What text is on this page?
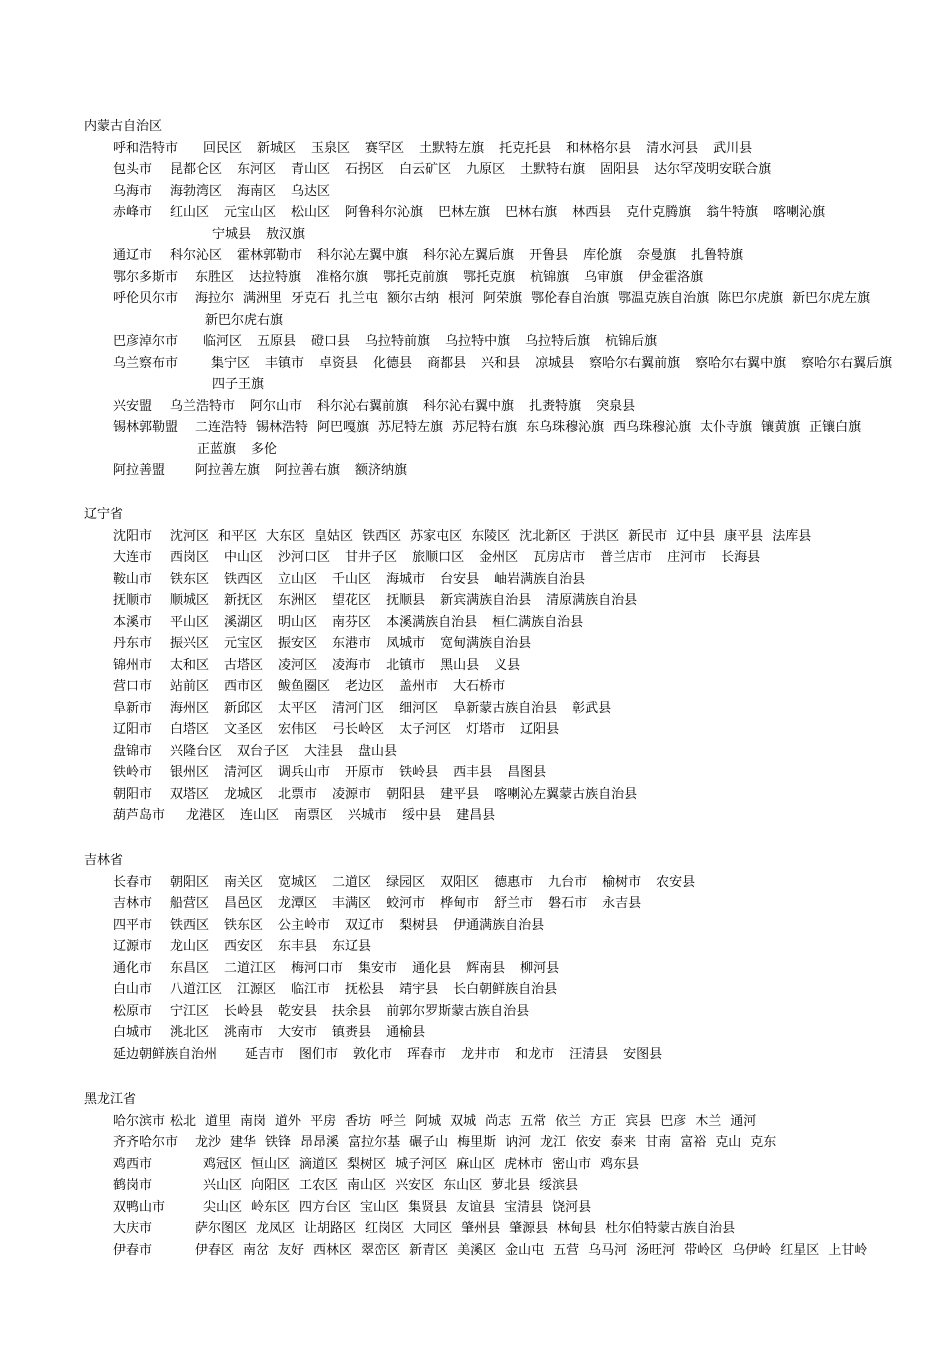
内蒙古自治区
呼和浩特市 回民区 新城区 玉泉区 赛罕区 土默特左旗 托克托县 和林格尔县 清水河县 武川县
包头市 昆都仑区 东河区 青山区 石拐区 白云矿区 九原区 土默特右旗 固阳县 达尔罕茂明安联合旗
乌海市 海勃湾区 海南区 乌达区
赤峰市 红山区 元宝山区 松山区 阿鲁科尔沁旗 巴林左旗 巴林右旗 林西县 克什克腾旗 翁牛特旗 喀喇沁旗
宁城县 敖汉旗
通辽市 科尔沁区 霍林郭勒市 科尔沁左翼中旗 科尔沁左翼后旗 开鲁县 库伦旗 奈曼旗 扎鲁特旗
鄂尔多斯市 东胜区 达拉特旗 准格尔旗 鄂托克前旗 鄂托克旗 杭锦旗 乌审旗 伊金霍洛旗
呼伦贝尔市 海拉尔 满洲里 牙克石 扎兰屯 额尔古纳 根河 阿荣旗 鄂伦春自治旗 鄂温克族自治旗 陈巴尔虎旗 新巴尔虎左旗
新巴尔虎右旗
巴彦淖尔市 临河区 五原县 磴口县 乌拉特前旗 乌拉特中旗 乌拉特后旗 杭锦后旗
乌兰察布市	集宁区 丰镇市 卓资县 化德县 商都县 兴和县 凉城县 察哈尔右翼前旗 察哈尔右翼中旗 察哈尔右翼后旗
四子王旗
兴安盟 乌兰浩特市 阿尔山市 科尔沁右翼前旗 科尔沁右翼中旗 扎赉特旗 突泉县
锡林郭勒盟 二连浩特 锡林浩特 阿巴嘎旗 苏尼特左旗 苏尼特右旗 东乌珠穆沁旗 西乌珠穆沁旗 太仆寺旗 镶黄旗 正镶白旗
正蓝旗 多伦
阿拉善盟 阿拉善左旗 阿拉善右旗 额济纳旗
辽宁省
沈阳市 沈河区 和平区 大东区 皇姑区 铁西区 苏家屯区 东陵区 沈北新区 于洪区 新民市 辽中县 康平县 法库县
大连市 西岗区 中山区 沙河口区 甘井子区 旅顺口区 金州区 瓦房店市 普兰店市 庄河市 长海县
鞍山市 铁东区 铁西区 立山区 千山区 海城市 台安县 岫岩满族自治县
抚顺市 顺城区 新抚区 东洲区 望花区 抚顺县 新宾满族自治县 清原满族自治县
本溪市 平山区 溪湖区 明山区 南芬区 本溪满族自治县 桓仁满族自治县
丹东市 振兴区 元宝区 振安区 东港市 凤城市 宽甸满族自治县
锦州市 太和区 古塔区 凌河区 凌海市 北镇市 黑山县 义县
营口市 站前区 西市区 鲅鱼圈区 老边区 盖州市 大石桥市
阜新市 海州区 新邱区 太平区 清河门区 细河区 阜新蒙古族自治县 彰武县
辽阳市 白塔区 文圣区 宏伟区 弓长岭区 太子河区 灯塔市 辽阳县
盘锦市 兴隆台区 双台子区 大洼县 盘山县
铁岭市 银州区 清河区 调兵山市 开原市 铁岭县 西丰县 昌图县
朝阳市 双塔区 龙城区 北票市 凌源市 朝阳县 建平县 喀喇沁左翼蒙古族自治县
葫芦岛市 龙港区 连山区 南票区 兴城市 绥中县 建昌县
吉林省
长春市 朝阳区 南关区 宽城区 二道区 绿园区 双阳区 德惠市 九台市 榆树市 农安县
吉林市 船营区 昌邑区 龙潭区 丰满区 蛟河市 桦甸市 舒兰市 磐石市 永吉县
四平市 铁西区 铁东区 公主岭市 双辽市 梨树县 伊通满族自治县
辽源市 龙山区 西安区 东丰县 东辽县
通化市 东昌区 二道江区 梅河口市 集安市 通化县 辉南县 柳河县
白山市 八道江区 江源区 临江市 抚松县 靖宇县 长白朝鲜族自治县
松原市 宁江区 长岭县 乾安县 扶余县 前郭尔罗斯蒙古族自治县
白城市 洮北区 洮南市 大安市 镇赉县 通榆县
延边朝鲜族自治州 延吉市 图们市 敦化市 珲春市 龙井市 和龙市 汪清县 安图县
黑龙江省
哈尔滨市 松北 道里 南岗 道外 平房 香坊 呼兰 阿城 双城 尚志 五常 依兰 方正 宾县 巴彦 木兰 通河
齐齐哈尔市 龙沙 建华 铁锋 昂昂溪 富拉尔基 碾子山 梅里斯 讷河 龙江 依安 泰来 甘南 富裕 克山 克东
鸡西市	鸡冠区 恒山区 滴道区 梨树区 城子河区 麻山区 虎林市 密山市 鸡东县
鹤岗市	兴山区 向阳区 工农区 南山区 兴安区 东山区 萝北县 绥滨县
双鸭山市	尖山区 岭东区 四方台区 宝山区 集贤县 友谊县 宝清县 饶河县
大庆市	萨尔图区 龙凤区 让胡路区 红岗区 大同区 肇州县 肇源县 林甸县 杜尔伯特蒙古族自治县
伊春市	伊春区 南岔 友好 西林区 翠峦区 新青区 美溪区 金山屯 五营 乌马河 汤旺河 带岭区 乌伊岭 红星区 上甘岭
